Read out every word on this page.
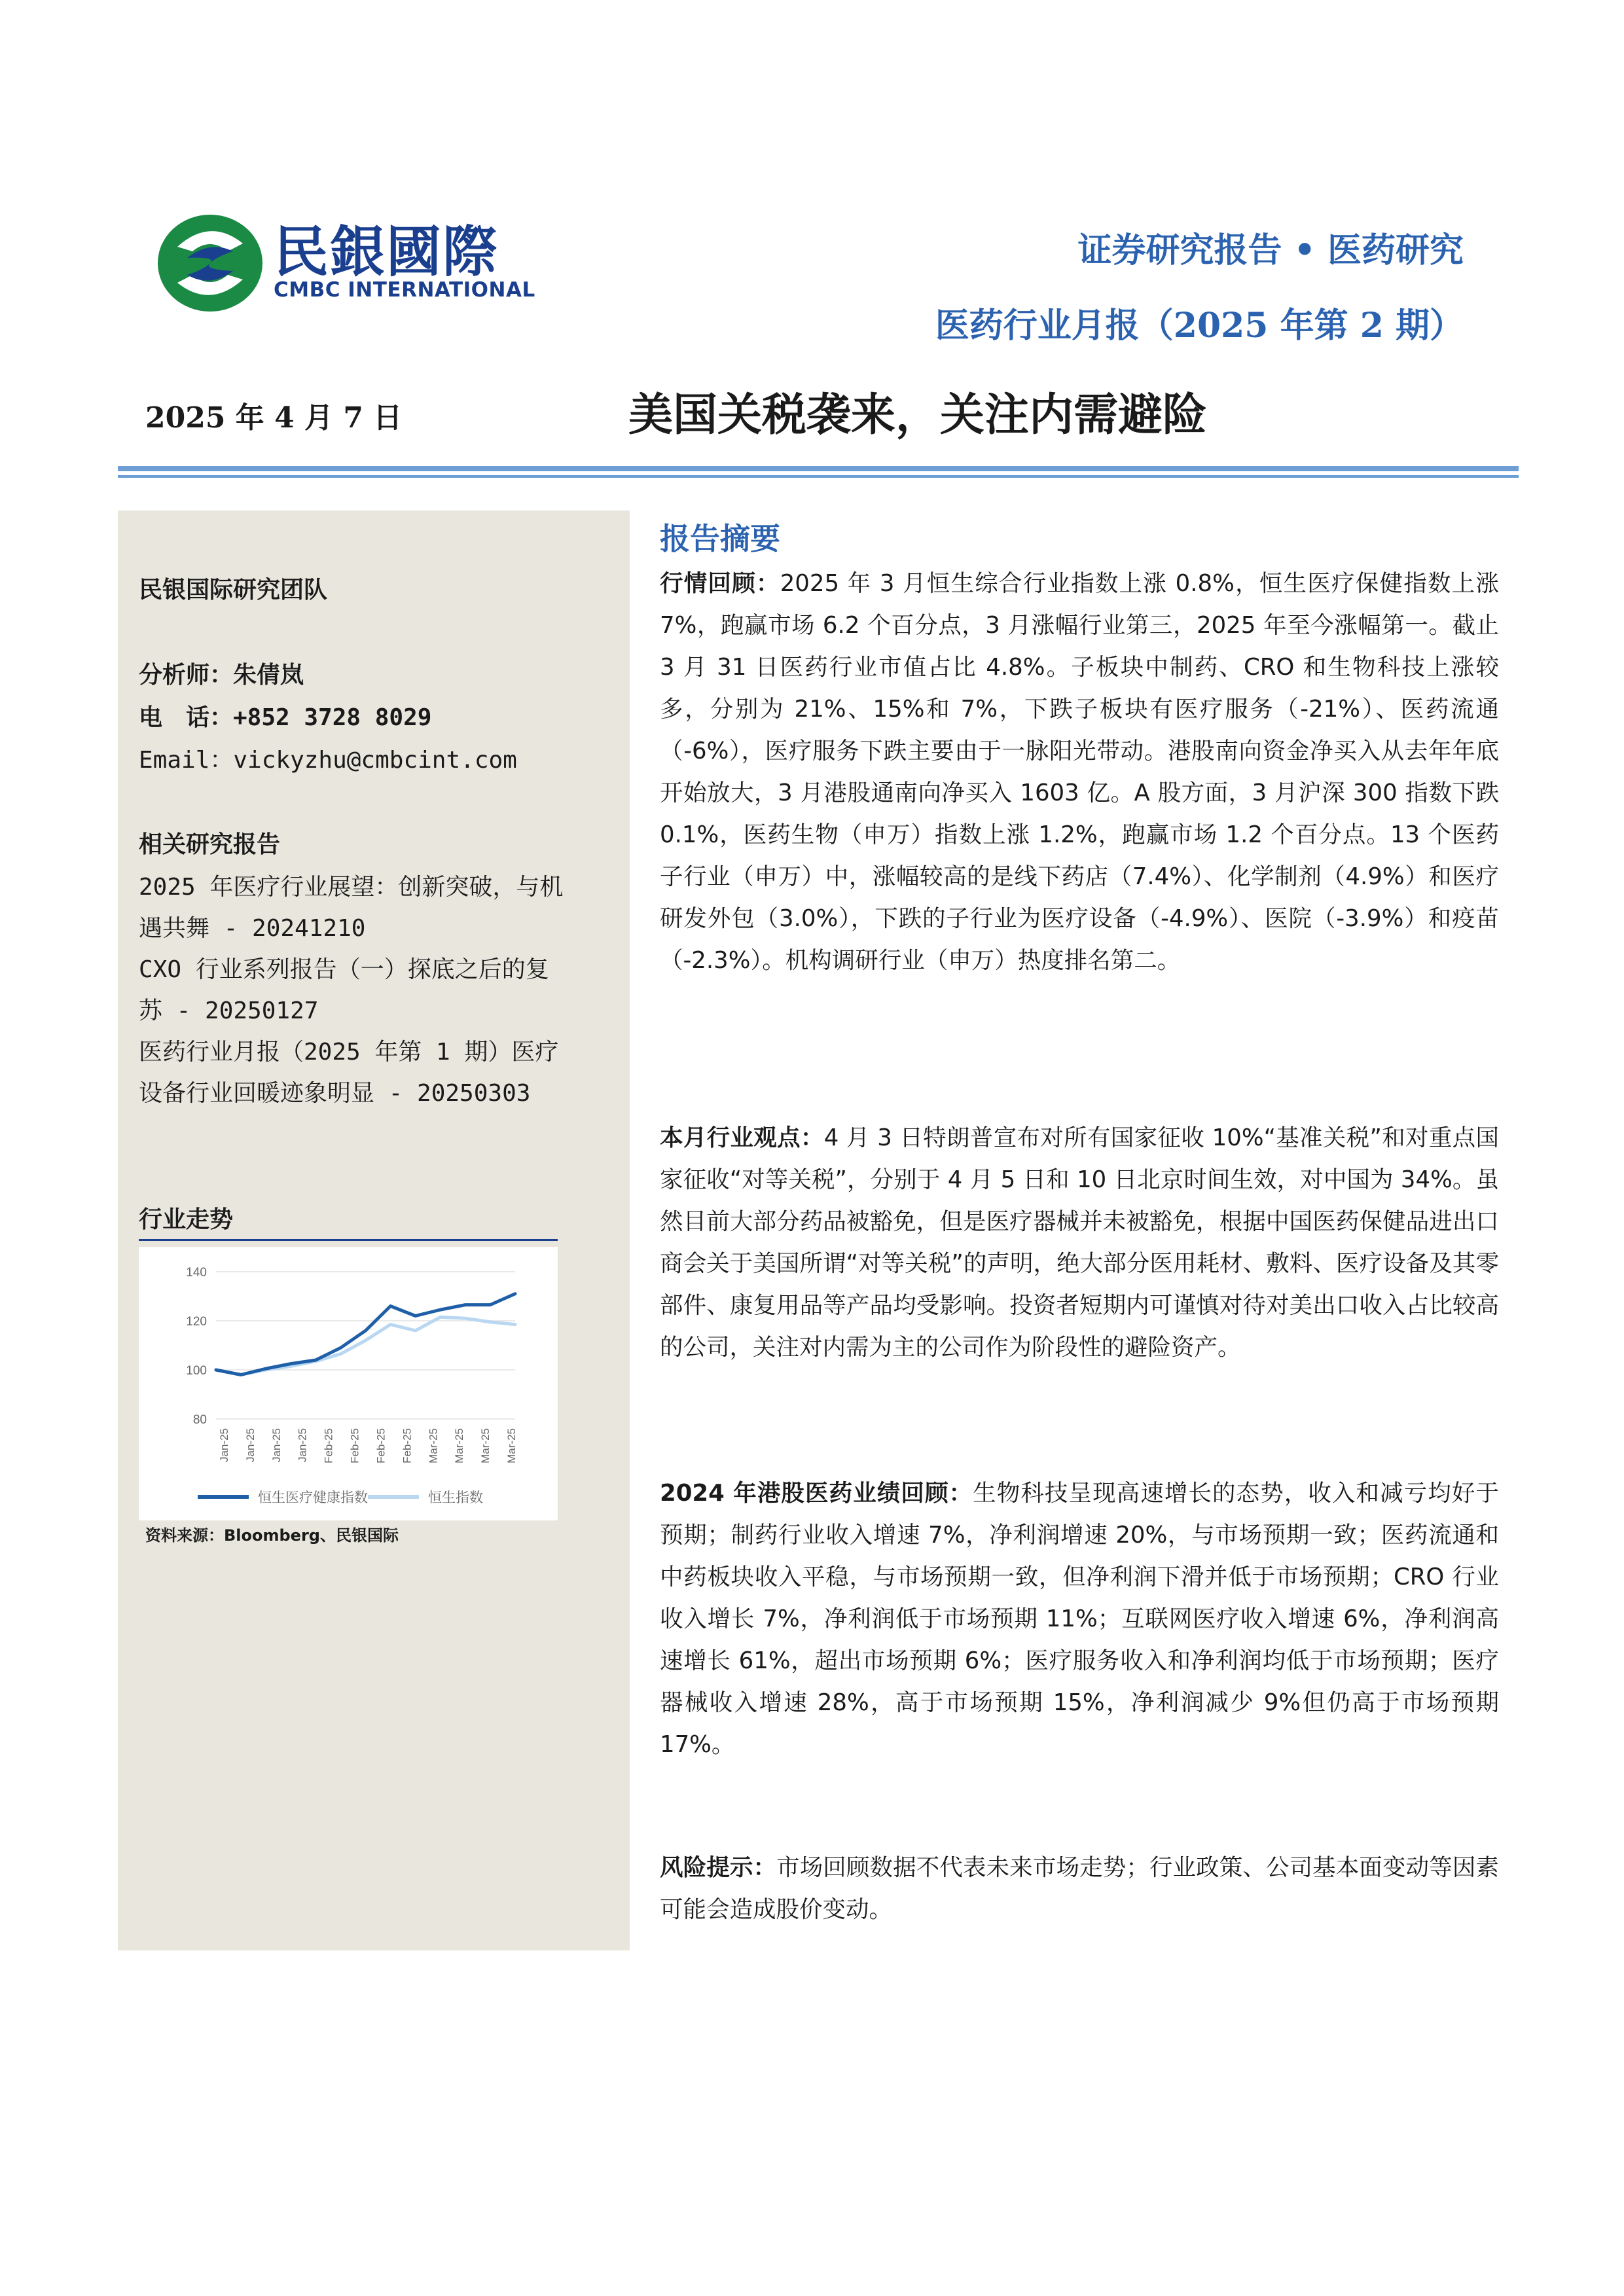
民銀國際
CMBC INTERNATIONAL
证券研究报告 • 医药研究
医药行业月报（2025 年第 2 期）
2025 年 4 月 7 日	美国关税袭来，关注内需避险
民银国际研究团队
分析师：朱倩岚
电　话：+852 3728 8029
Email：vickyzhu@cmbcint.com
相关研究报告
2025 年医疗行业展望：创新突破，与机
遇共舞 - 20241210
CXO 行业系列报告（一）探底之后的复
苏 - 20250127
医药行业月报（2025 年第 1 期）医疗
设备行业回暖迹象明显 - 20250303
行业走势
80
100
120
140
Jan-25 Jan-25 Jan-25 Jan-25 Feb-25 Feb-25 Feb-25 Feb-25 Mar-25 Mar-25 Mar-25 Mar-25
恒生医疗健康指数	恒生指数
资料来源：Bloomberg、民银国际
报告摘要
行情回顾：2025 年 3 月恒生综合行业指数上涨 0.8%，恒生医疗保健指数上涨 7%，跑赢市场 6.2 个百分点，3 月涨幅行业第三，2025 年至今涨幅第一。截止 3 月 31 日医药行业市值占比 4.8%。子板块中制药、CRO 和生物科技上涨较多，分别为 21%、15%和 7%，下跌子板块有医疗服务（-21%）、医药流通（-6%），医疗服务下跌主要由于一脉阳光带动。港股南向资金净买入从去年年底开始放大，3 月港股通南向净买入 1603 亿。A 股方面，3 月沪深 300 指数下跌 0.1%，医药生物（申万）指数上涨 1.2%，跑赢市场 1.2 个百分点。13 个医药子行业（申万）中，涨幅较高的是线下药店（7.4%）、化学制剂（4.9%）和医疗研发外包（3.0%），下跌的子行业为医疗设备（-4.9%）、医院（-3.9%）和疫苗（-2.3%）。机构调研行业（申万）热度排名第二。
本月行业观点：4 月 3 日特朗普宣布对所有国家征收 10%“基准关税”和对重点国家征收“对等关税”，分别于 4 月 5 日和 10 日北京时间生效，对中国为 34%。虽然目前大部分药品被豁免，但是医疗器械并未被豁免，根据中国医药保健品进出口商会关于美国所谓“对等关税”的声明，绝大部分医用耗材、敷料、医疗设备及其零部件、康复用品等产品均受影响。投资者短期内可谨慎对待对美出口收入占比较高的公司，关注对内需为主的公司作为阶段性的避险资产。
2024 年港股医药业绩回顾：生物科技呈现高速增长的态势，收入和减亏均好于预期；制药行业收入增速 7%，净利润增速 20%，与市场预期一致；医药流通和中药板块收入平稳，与市场预期一致，但净利润下滑并低于市场预期；CRO 行业收入增长 7%，净利润低于市场预期 11%；互联网医疗收入增速 6%，净利润高速增长 61%，超出市场预期 6%；医疗服务收入和净利润均低于市场预期；医疗器械收入增速 28%，高于市场预期 15%，净利润减少 9%但仍高于市场预期 17%。
风险提示：市场回顾数据不代表未来市场走势；行业政策、公司基本面变动等因素可能会造成股价变动。
